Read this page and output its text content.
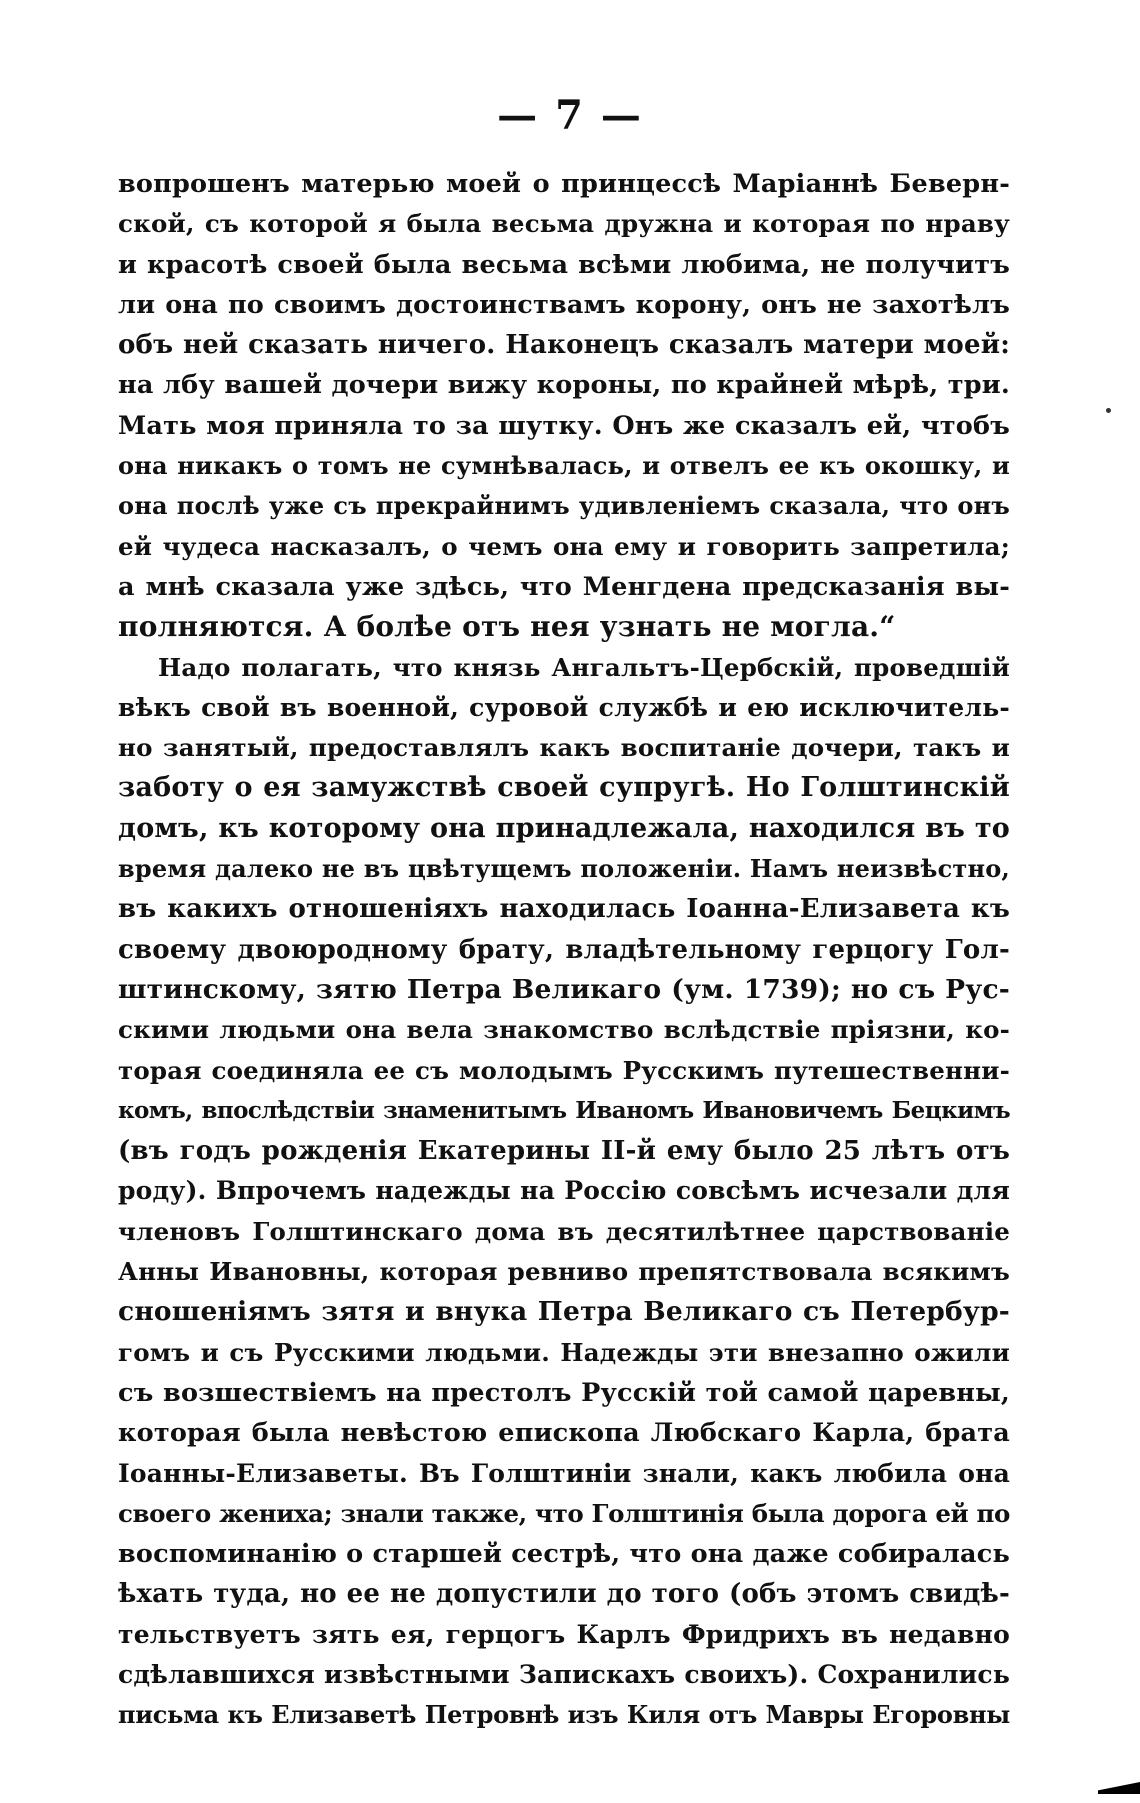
— 7 —
вопрошенъ матерью моей о принцессѣ Маріаннѣ Беверн-
ской, съ которой я была весьма дружна и которая по нраву
и красотѣ своей была весьма всѣми любима, не получитъ
ли она по своимъ достоинствамъ корону, онъ не захотѣлъ
объ ней сказать ничего. Наконецъ сказалъ матери моей:
на лбу вашей дочери вижу короны, по крайней мѣрѣ, три.
Мать моя приняла то за шутку. Онъ же сказалъ ей, чтобъ
она никакъ о томъ не сумнѣвалась, и отвелъ ее къ окошку, и
она послѣ уже съ прекрайнимъ удивленіемъ сказала, что онъ
ей чудеса насказалъ, о чемъ она ему и говорить запретила;
а мнѣ сказала уже здѣсь, что Менгдена предсказанія вы-
полняются. А болѣе отъ нея узнать не могла.“
Надо полагать, что князь Ангальтъ-Цербскій, проведшій
вѣкъ свой въ военной, суровой службѣ и ею исключитель-
но занятый, предоставлялъ какъ воспитаніе дочери, такъ и
заботу о ея замужствѣ своей супругѣ. Но Голштинскій
домъ, къ которому она принадлежала, находился въ то
время далеко не въ цвѣтущемъ положеніи. Намъ неизвѣстно,
въ какихъ отношеніяхъ находилась Іоанна-Елизавета къ
своему двоюродному брату, владѣтельному герцогу Гол-
штинскому, зятю Петра Великаго (ум. 1739); но съ Рус-
скими людьми она вела знакомство вслѣдствіе пріязни, ко-
торая соединяла ее съ молодымъ Русскимъ путешественни-
комъ, впослѣдствіи знаменитымъ Иваномъ Ивановичемъ Бецкимъ
(въ годъ рожденія Екатерины II-й ему было 25 лѣтъ отъ
роду). Впрочемъ надежды на Россію совсѣмъ исчезали для
членовъ Голштинскаго дома въ десятилѣтнее царствованіе
Анны Ивановны, которая ревниво препятствовала всякимъ
сношеніямъ зятя и внука Петра Великаго съ Петербур-
гомъ и съ Русскими людьми. Надежды эти внезапно ожили
съ возшествіемъ на престолъ Русскій той самой царевны,
которая была невѣстою епископа Любскаго Карла, брата
Іоанны-Елизаветы. Въ Голштиніи знали, какъ любила она
своего жениха; знали также, что Голштинія была дорога ей по
воспоминанію о старшей сестрѣ, что она даже собиралась
ѣхать туда, но ее не допустили до того (объ этомъ свидѣ-
тельствуетъ зять ея, герцогъ Карлъ Фридрихъ въ недавно
сдѣлавшихся извѣстными Запискахъ своихъ). Сохранились
письма къ Елизаветѣ Петровнѣ изъ Киля отъ Мавры Егоровны
